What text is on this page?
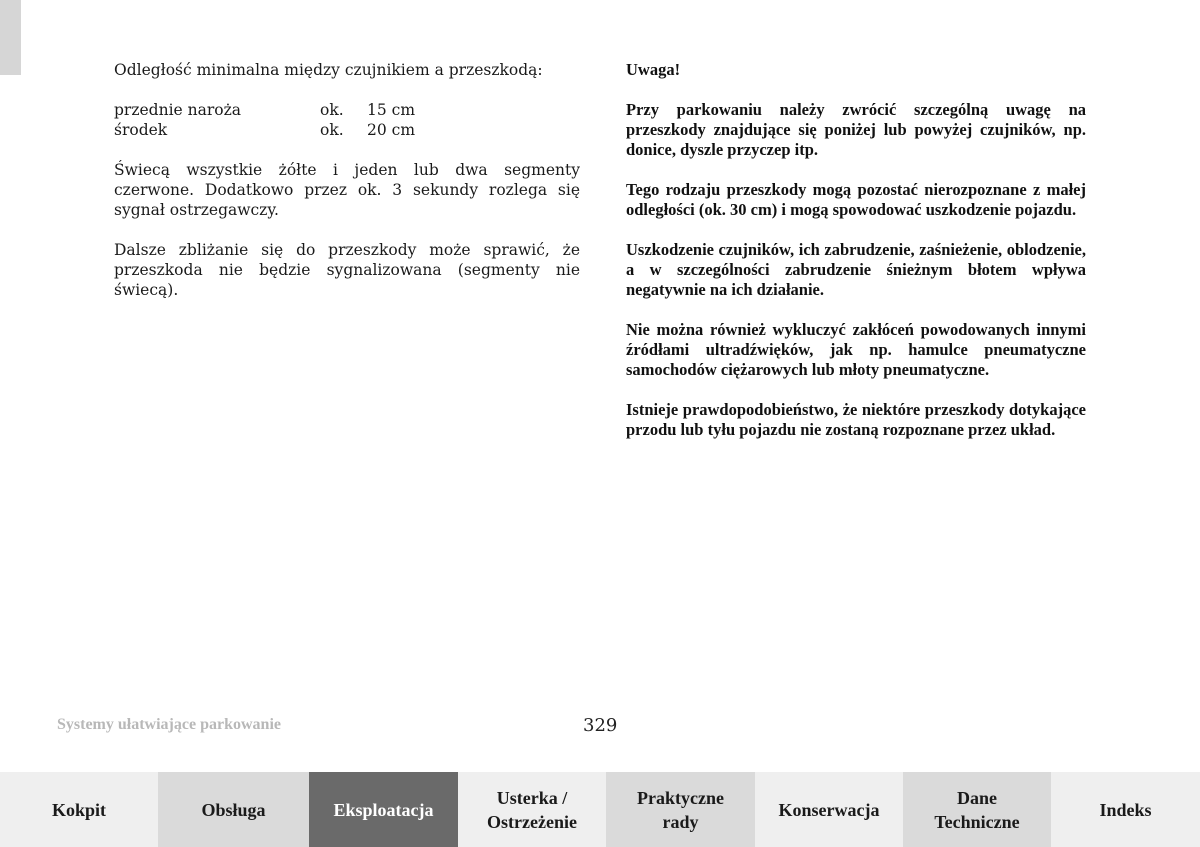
Odległość minimalna między czujnikiem a przeszkodą:

przednie naroża	ok.	15 cm
środek	ok.	20 cm

Świecą wszystkie żółte i jeden lub dwa segmenty czerwone. Dodatkowo przez ok. 3 sekundy rozlega się sygnał ostrzegawczy.

Dalsze zbliżanie się do przeszkody może sprawić, że przeszkoda nie będzie sygnalizowana (segmenty nie świecą).

Uwaga!

Przy parkowaniu należy zwrócić szczególną uwagę na przeszkody znajdujące się poniżej lub powyżej czujników, np. donice, dyszle przyczep itp.

Tego rodzaju przeszkody mogą pozostać nierozpoznane z małej odległości (ok. 30 cm) i mogą spowodować uszkodzenie pojazdu.

Uszkodzenie czujników, ich zabrudzenie, zaśnieżenie, oblodzenie, a w szczególności zabrudzenie śnieżnym błotem wpływa negatywnie na ich działanie.

Nie można również wykluczyć zakłóceń powodowanych innymi źródłami ultradźwięków, jak np. hamulce pneumatyczne samochodów ciężarowych lub młoty pneumatyczne.

Istnieje prawdopodobieństwo, że niektóre przeszkody dotykające przodu lub tyłu pojazdu nie zostaną rozpoznane przez układ.

Systemy ułatwiające parkowanie	329
Kokpit	Obsługa	Eksploatacja
Usterka /
Ostrzeżenie
Praktyczne
rady
Konserwacja
Dane
Techniczne
Indeks
